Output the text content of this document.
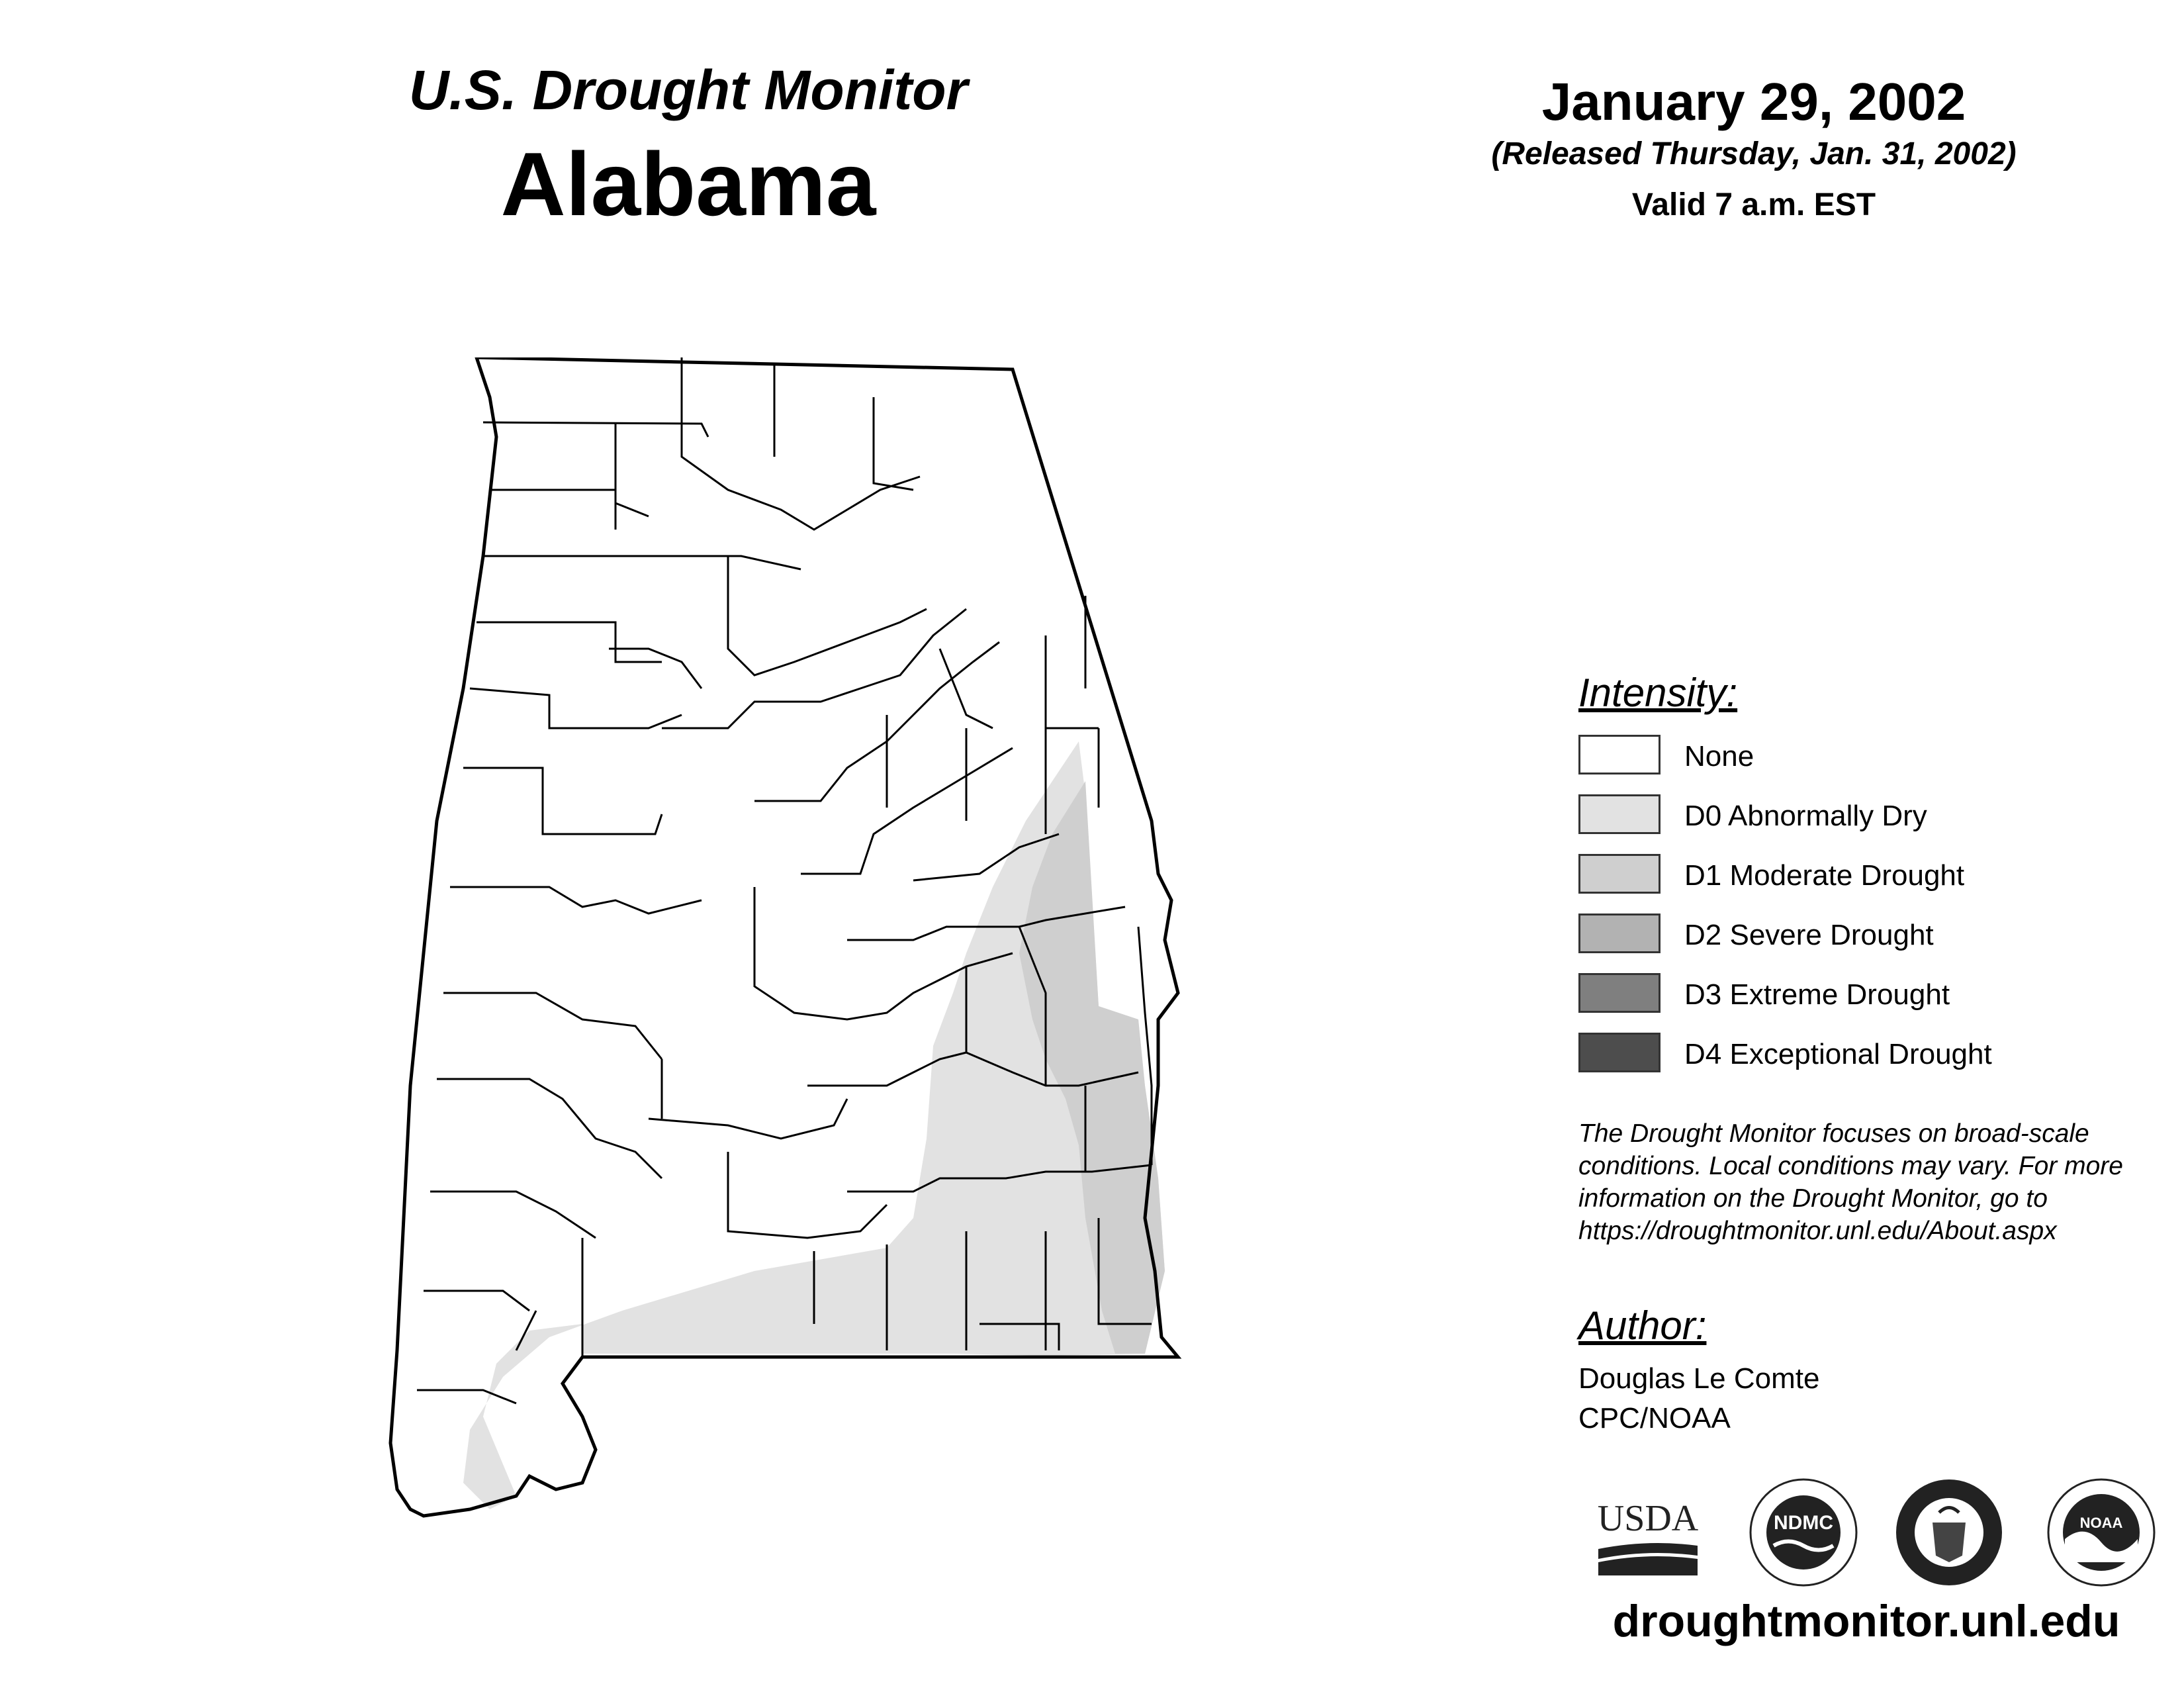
U.S. Drought Monitor
Alabama
January 29, 2002
(Released Thursday, Jan. 31, 2002)
Valid 7 a.m. EST
Intensity:
None
D0 Abnormally Dry
D1 Moderate Drought
D2 Severe Drought
D3 Extreme Drought
D4 Exceptional Drought
The Drought Monitor focuses on broad-scale conditions. Local conditions may vary. For more information on the Drought Monitor, go to https://droughtmonitor.unl.edu/About.aspx
Author:
Douglas Le Comte
CPC/NOAA
USDA	NDMC	NOAA
droughtmonitor.unl.edu
